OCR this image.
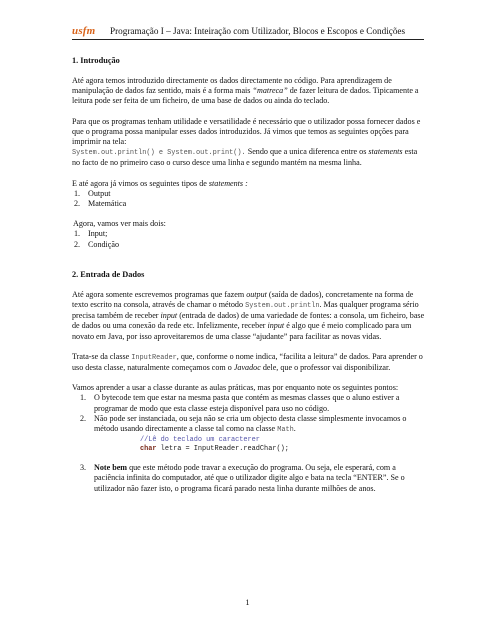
usfm Programação I – Java: Inteiração com Utilizador, Blocos e Escopos e Condições
1. Introdução

Até agora temos introduzido directamente os dados directamente no código. Para aprendizagem de manipulação de dados faz sentido, mais é a forma mais “matreca” de fazer leitura de dados. Tipicamente a leitura pode ser feita de um ficheiro, de uma base de dados ou ainda do teclado.

Para que os programas tenham utilidade e versatilidade é necessário que o utilizador possa fornecer dados e que o programa possa manipular esses dados introduzidos. Já vimos que temos as seguintes opções para imprimir na tela:
System.out.println() e System.out.print(). Sendo que a unica diferenca entre os statements esta no facto de no primeiro caso o curso desce uma linha e segundo mantém na mesma linha.

E até agora já vimos os seguintes tipos de statements :

1. Output
2. Matemática

Agora, vamos ver mais dois:

1. Input;
2. Condição
2. Entrada de Dados

Até agora somente escrevemos programas que fazem output (saída de dados), concretamente na forma de texto escrito na consola, através de chamar o método System.out.println. Mas qualquer programa sério precisa também de receber input (entrada de dados) de uma variedade de fontes: a consola, um ficheiro, base de dados ou uma conexão da rede etc. Infelizmente, receber input é algo que é meio complicado para um novato em Java, por isso aproveitaremos de uma classe “ajudante” para facilitar as novas vidas.

Trata-se da classe InputReader, que, conforme o nome indica, “facilita a leitura” de dados. Para aprender o uso desta classe, naturalmente começamos com o Javadoc dele, que o professor vai disponibilizar.

Vamos aprender a usar a classe durante as aulas práticas, mas por enquanto note os seguintes pontos:

1. O bytecode tem que estar na mesma pasta que contém as mesmas classes que o aluno estiver a programar de modo que esta classe esteja disponível para uso no código.
2. Não pode ser instanciada, ou seja não se cria um objecto desta classe simplesmente invocamos o método usando directamente a classe tal como na classe Math.
//Lê do teclado um caracterer
char letra = InputReader.readChar();
3. Note bem que este método pode travar a execução do programa. Ou seja, ele esperará, com a paciência infinita do computador, até que o utilizador digite algo e bata na tecla “ENTER”. Se o utilizador não fazer isto, o programa ficará parado nesta linha durante milhões de anos.
1
